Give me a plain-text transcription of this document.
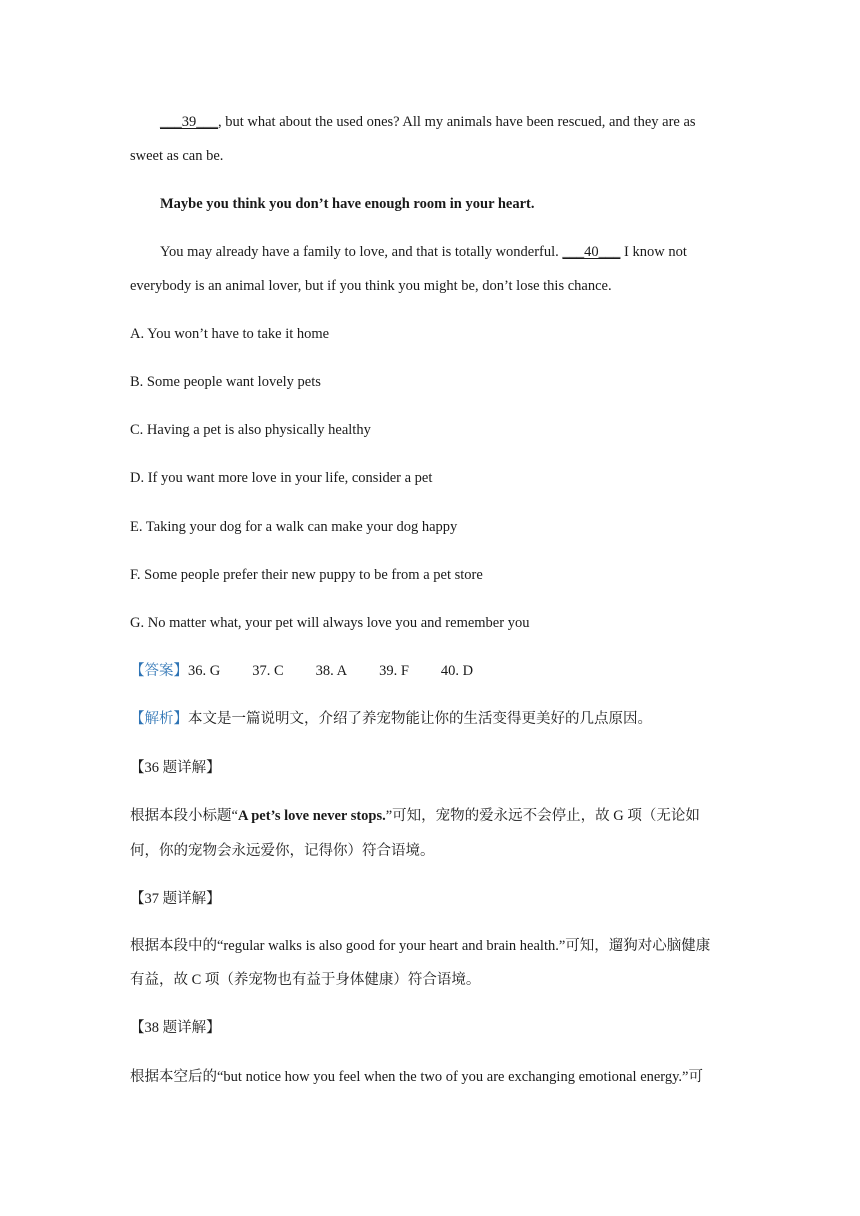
___39___, but what about the used ones? All my animals have been rescued, and they are as
sweet as can be.
Maybe you think you don’t have enough room in your heart.
You may already have a family to love, and that is totally wonderful. ___40___ I know not
everybody is an animal lover, but if you think you might be, don’t lose this chance.
A. You won’t have to take it home
B. Some people want lovely pets
C. Having a pet is also physically healthy
D. If you want more love in your life, consider a pet
E. Taking your dog for a walk can make your dog happy
F. Some people prefer their new puppy to be from a pet store
G. No matter what, your pet will always love you and remember you
【答案】36. G 37. C 38. A 39. F 40. D
【解析】本文是一篇说明文，介绍了养宠物能让你的生活变得更美好的几点原因。
【36 题详解】
根据本段小标题“A pet’s love never stops.”可知，宠物的爱永远不会停止，故 G 项（无论如
何，你的宠物会永远爱你，记得你）符合语境。
【37 题详解】
根据本段中的“regular walks is also good for your heart and brain health.”可知，遛狗对心脑健康
有益，故 C 项（养宠物也有益于身体健康）符合语境。
【38 题详解】
根据本空后的“but notice how you feel when the two of you are exchanging emotional energy.”可
